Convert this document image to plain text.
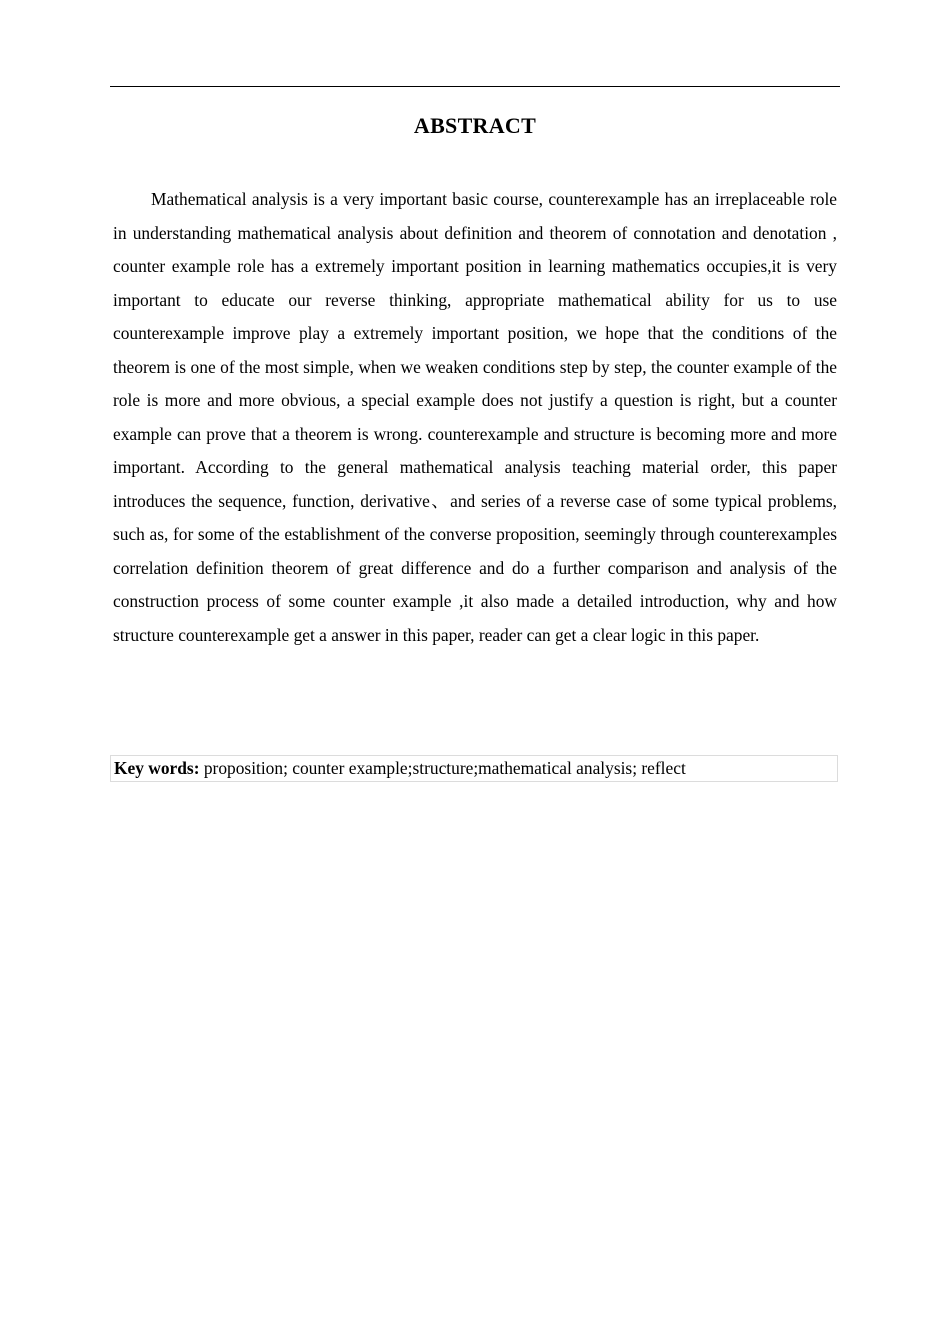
ABSTRACT

Mathematical analysis is a very important basic course, counterexample has an irreplaceable role in understanding mathematical analysis about definition and theorem of connotation and denotation , counter example role has a extremely important position in learning mathematics occupies,it is very important to educate our reverse thinking, appropriate mathematical ability for us to use counterexample improve play a extremely important position, we hope that the conditions of the theorem is one of the most simple, when we weaken conditions step by step, the counter example of the role is more and more obvious, a special example does not justify a question is right, but a counter example can prove that a theorem is wrong. counterexample and structure is becoming more and more important. According to the general mathematical analysis teaching material order, this paper introduces the sequence, function, derivative、and series of a reverse case of some typical problems, such as, for some of the establishment of the converse proposition, seemingly through counterexamples correlation definition theorem of great difference and do a further comparison and analysis of the construction process of some counter example ,it also made a detailed introduction, why and how structure counterexample get a answer in this paper, reader can get a clear logic in this paper.

Key words: proposition; counter example;structure;mathematical analysis; reflect
